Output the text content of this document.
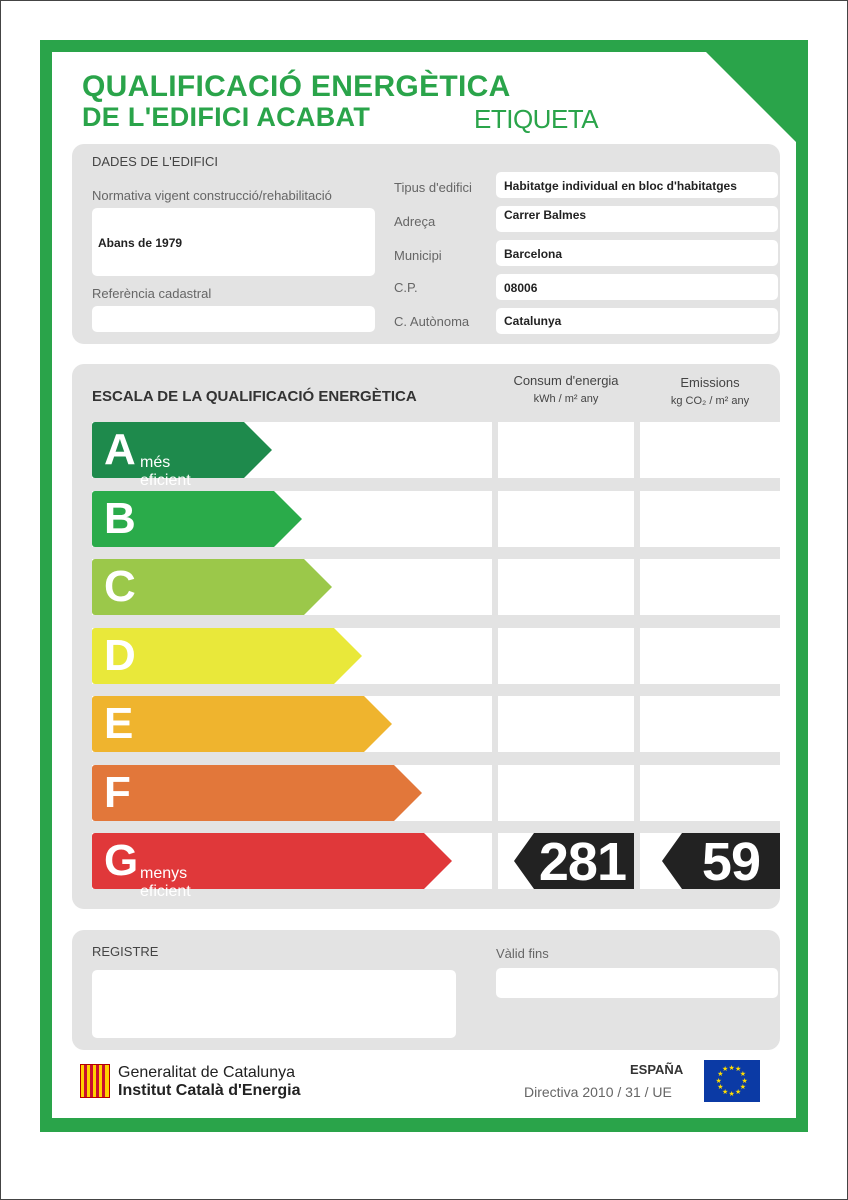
QUALIFICACIÓ ENERGÈTICA
DE L'EDIFICI ACABAT	ETIQUETA
DADES DE L'EDIFICI
Normativa vigent construcció/rehabilitació
Abans de 1979
Referència cadastral
Tipus d'edifici	Habitatge individual en bloc d'habitatges
Adreça	Carrer Balmes
Municipi	Barcelona
C.P.	08006
C. Autònoma	Catalunya
ESCALA DE LA QUALIFICACIÓ ENERGÈTICA
Consum d'energia
kWh / m² any
Emissions
kg CO₂ / m² any
A més eficient
B
C
D
E
F
G menys eficient	281 59
REGISTRE	Vàlid fins
Generalitat de Catalunya
Institut Català d'Energia
ESPAÑA
Directiva 2010 / 31 / UE
★ ★
★
★
★
★
★
★
★
★
★
★
